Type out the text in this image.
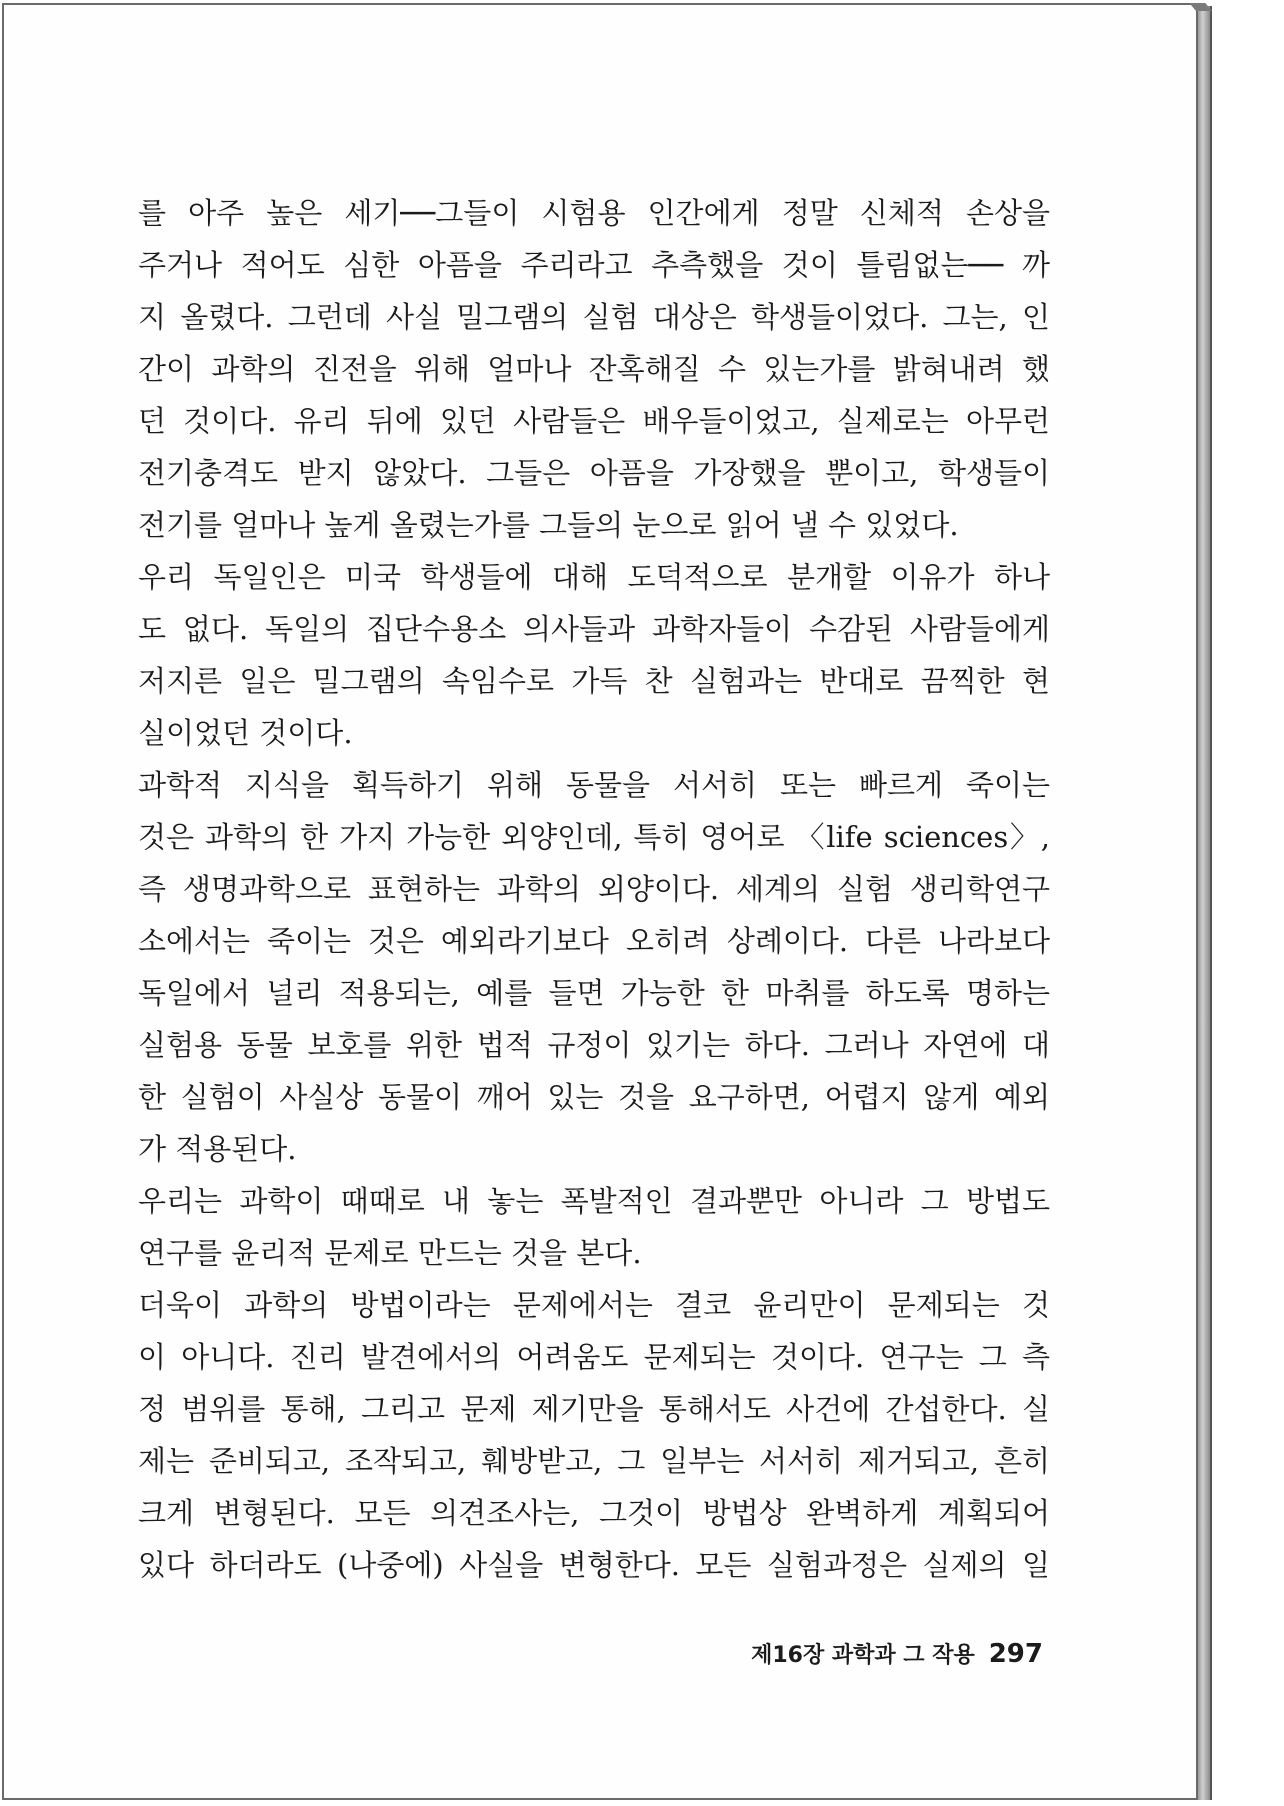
를 아주 높은 세기──그들이 시험용 인간에게 정말 신체적 손상을
주거나 적어도 심한 아픔을 주리라고 추측했을 것이 틀림없는── 까
지 올렸다. 그런데 사실 밀그램의 실험 대상은 학생들이었다. 그는, 인
간이 과학의 진전을 위해 얼마나 잔혹해질 수 있는가를 밝혀내려 했
던 것이다. 유리 뒤에 있던 사람들은 배우들이었고, 실제로는 아무런
전기충격도 받지 않았다. 그들은 아픔을 가장했을 뿐이고, 학생들이
전기를 얼마나 높게 올렸는가를 그들의 눈으로 읽어 낼 수 있었다.
우리 독일인은 미국 학생들에 대해 도덕적으로 분개할 이유가 하나
도 없다. 독일의 집단수용소 의사들과 과학자들이 수감된 사람들에게
저지른 일은 밀그램의 속임수로 가득 찬 실험과는 반대로 끔찍한 현
실이었던 것이다.
과학적 지식을 획득하기 위해 동물을 서서히 또는 빠르게 죽이는
것은 과학의 한 가지 가능한 외양인데, 특히 영어로 〈life sciences〉,
즉 생명과학으로 표현하는 과학의 외양이다. 세계의 실험 생리학연구
소에서는 죽이는 것은 예외라기보다 오히려 상례이다. 다른 나라보다
독일에서 널리 적용되는, 예를 들면 가능한 한 마취를 하도록 명하는
실험용 동물 보호를 위한 법적 규정이 있기는 하다. 그러나 자연에 대
한 실험이 사실상 동물이 깨어 있는 것을 요구하면, 어렵지 않게 예외
가 적용된다.
우리는 과학이 때때로 내 놓는 폭발적인 결과뿐만 아니라 그 방법도
연구를 윤리적 문제로 만드는 것을 본다.
더욱이 과학의 방법이라는 문제에서는 결코 윤리만이 문제되는 것
이 아니다. 진리 발견에서의 어려움도 문제되는 것이다. 연구는 그 측
정 범위를 통해, 그리고 문제 제기만을 통해서도 사건에 간섭한다. 실
제는 준비되고, 조작되고, 훼방받고, 그 일부는 서서히 제거되고, 흔히
크게 변형된다. 모든 의견조사는, 그것이 방법상 완벽하게 계획되어
있다 하더라도 (나중에) 사실을 변형한다. 모든 실험과정은 실제의 일
제16장 과학과 그 작용 297
